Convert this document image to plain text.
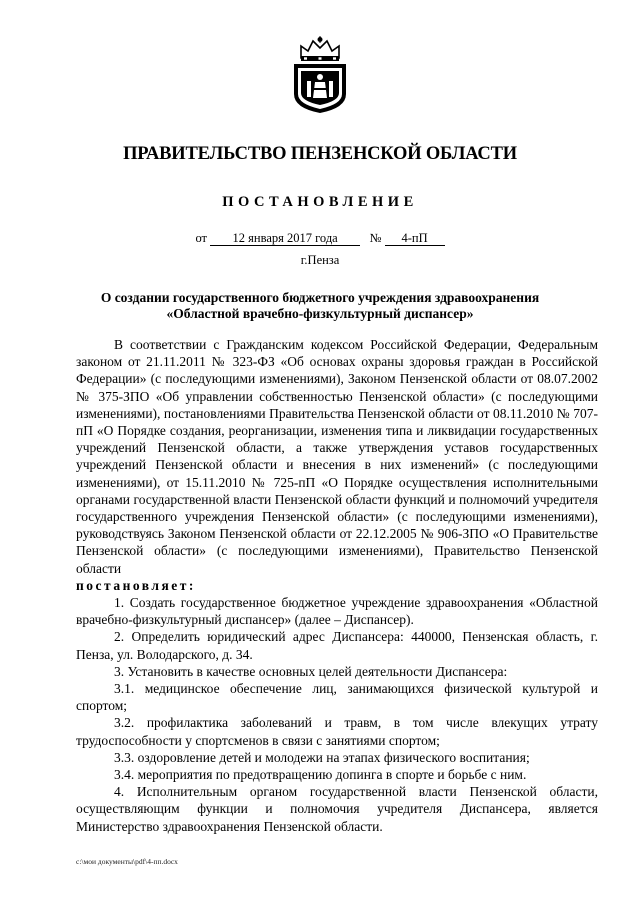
ПРАВИТЕЛЬСТВО ПЕНЗЕНСКОЙ ОБЛАСТИ
ПОСТАНОВЛЕНИЕ
от 12 января 2017 года	№ 4-пП
г.Пенза
О создании государственного бюджетного учреждения здравоохранения
«Областной врачебно-физкультурный диспансер»

В соответствии с Гражданским кодексом Российской Федерации, Федеральным законом от 21.11.2011 № 323-ФЗ «Об основах охраны здоровья граждан в Российской Федерации» (с последующими изменениями), Законом Пензенской области от 08.07.2002 № 375-ЗПО «Об управлении собственностью Пензенской области» (с последующими изменениями), постановлениями Правительства Пензенской области от 08.11.2010 № 707-пП «О Порядке создания, реорганизации, изменения типа и ликвидации государственных учреждений Пензенской области, а также утверждения уставов государственных учреждений Пензенской области и внесения в них изменений» (с последующими изменениями), от 15.11.2010 № 725-пП «О Порядке осуществления исполнительными органами государственной власти Пензенской области функций и полномочий учредителя государственного учреждения Пензенской области» (с последующими изменениями), руководствуясь Законом Пензенской области от 22.12.2005 № 906-ЗПО «О Правительстве Пензенской области» (с последующими изменениями), Правительство Пензенской области

постановляет:

1. Создать государственное бюджетное учреждение здравоохранения «Областной врачебно-физкультурный диспансер» (далее – Диспансер).

2. Определить юридический адрес Диспансера: 440000, Пензенская область, г. Пенза, ул. Володарского, д. 34.

3. Установить в качестве основных целей деятельности Диспансера:

3.1. медицинское обеспечение лиц, занимающихся физической культурой и спортом;

3.2. профилактика заболеваний и травм, в том числе влекущих утрату трудоспособности у спортсменов в связи с занятиями спортом;

3.3. оздоровление детей и молодежи на этапах физического воспитания;

3.4. мероприятия по предотвращению допинга в спорте и борьбе с ним.

4. Исполнительным органом государственной власти Пензенской области, осуществляющим функции и полномочия учредителя Диспансера, является Министерство здравоохранения Пензенской области.

c:\мои документы\pdf\4-пп.docx
